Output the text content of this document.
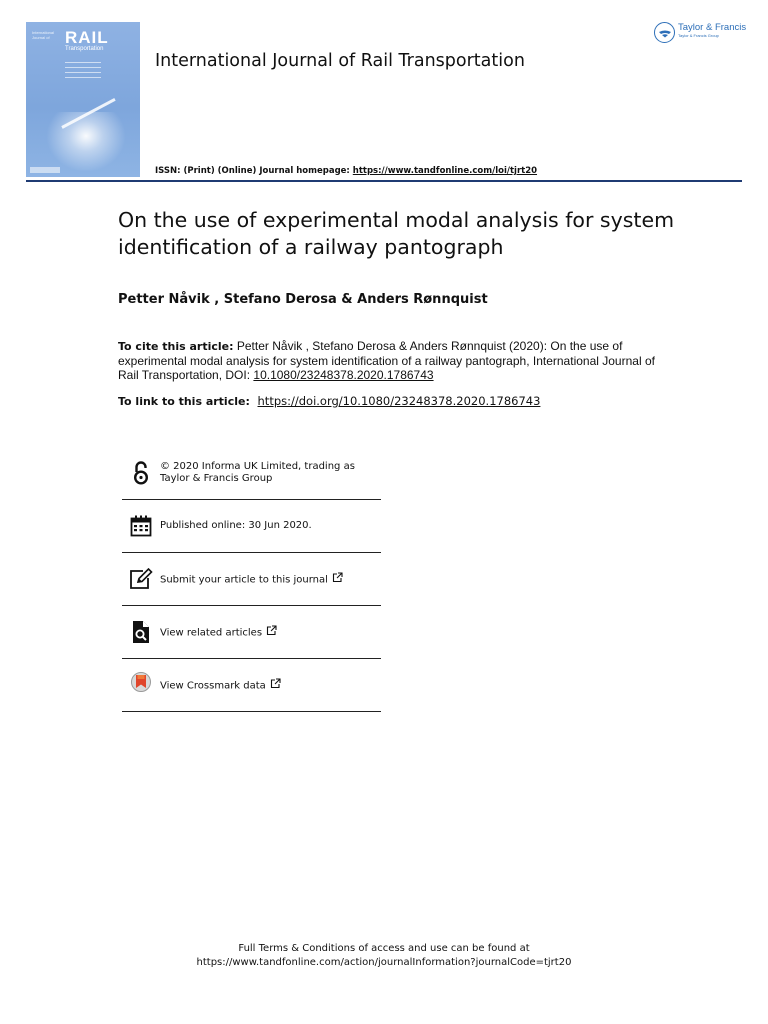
International Journal of RAIL
Transportation
International Journal of Rail Transportation
ISSN: (Print) (Online) Journal homepage: https://www.tandfonline.com/loi/tjrt20
Taylor & Francis
Taylor & Francis Group
On the use of experimental modal analysis for system identification of a railway pantograph
Petter Nåvik , Stefano Derosa & Anders Rønnquist
To cite this article: Petter Nåvik , Stefano Derosa & Anders Rønnquist (2020): On the use of experimental modal analysis for system identification of a railway pantograph, International Journal of Rail Transportation, DOI: 10.1080/23248378.2020.1786743
To link to this article: https://doi.org/10.1080/23248378.2020.1786743
© 2020 Informa UK Limited, trading as
Taylor & Francis Group
Published online: 30 Jun 2020.
Submit your article to this journal
View related articles
View Crossmark data
Full Terms & Conditions of access and use can be found at
https://www.tandfonline.com/action/journalInformation?journalCode=tjrt20
